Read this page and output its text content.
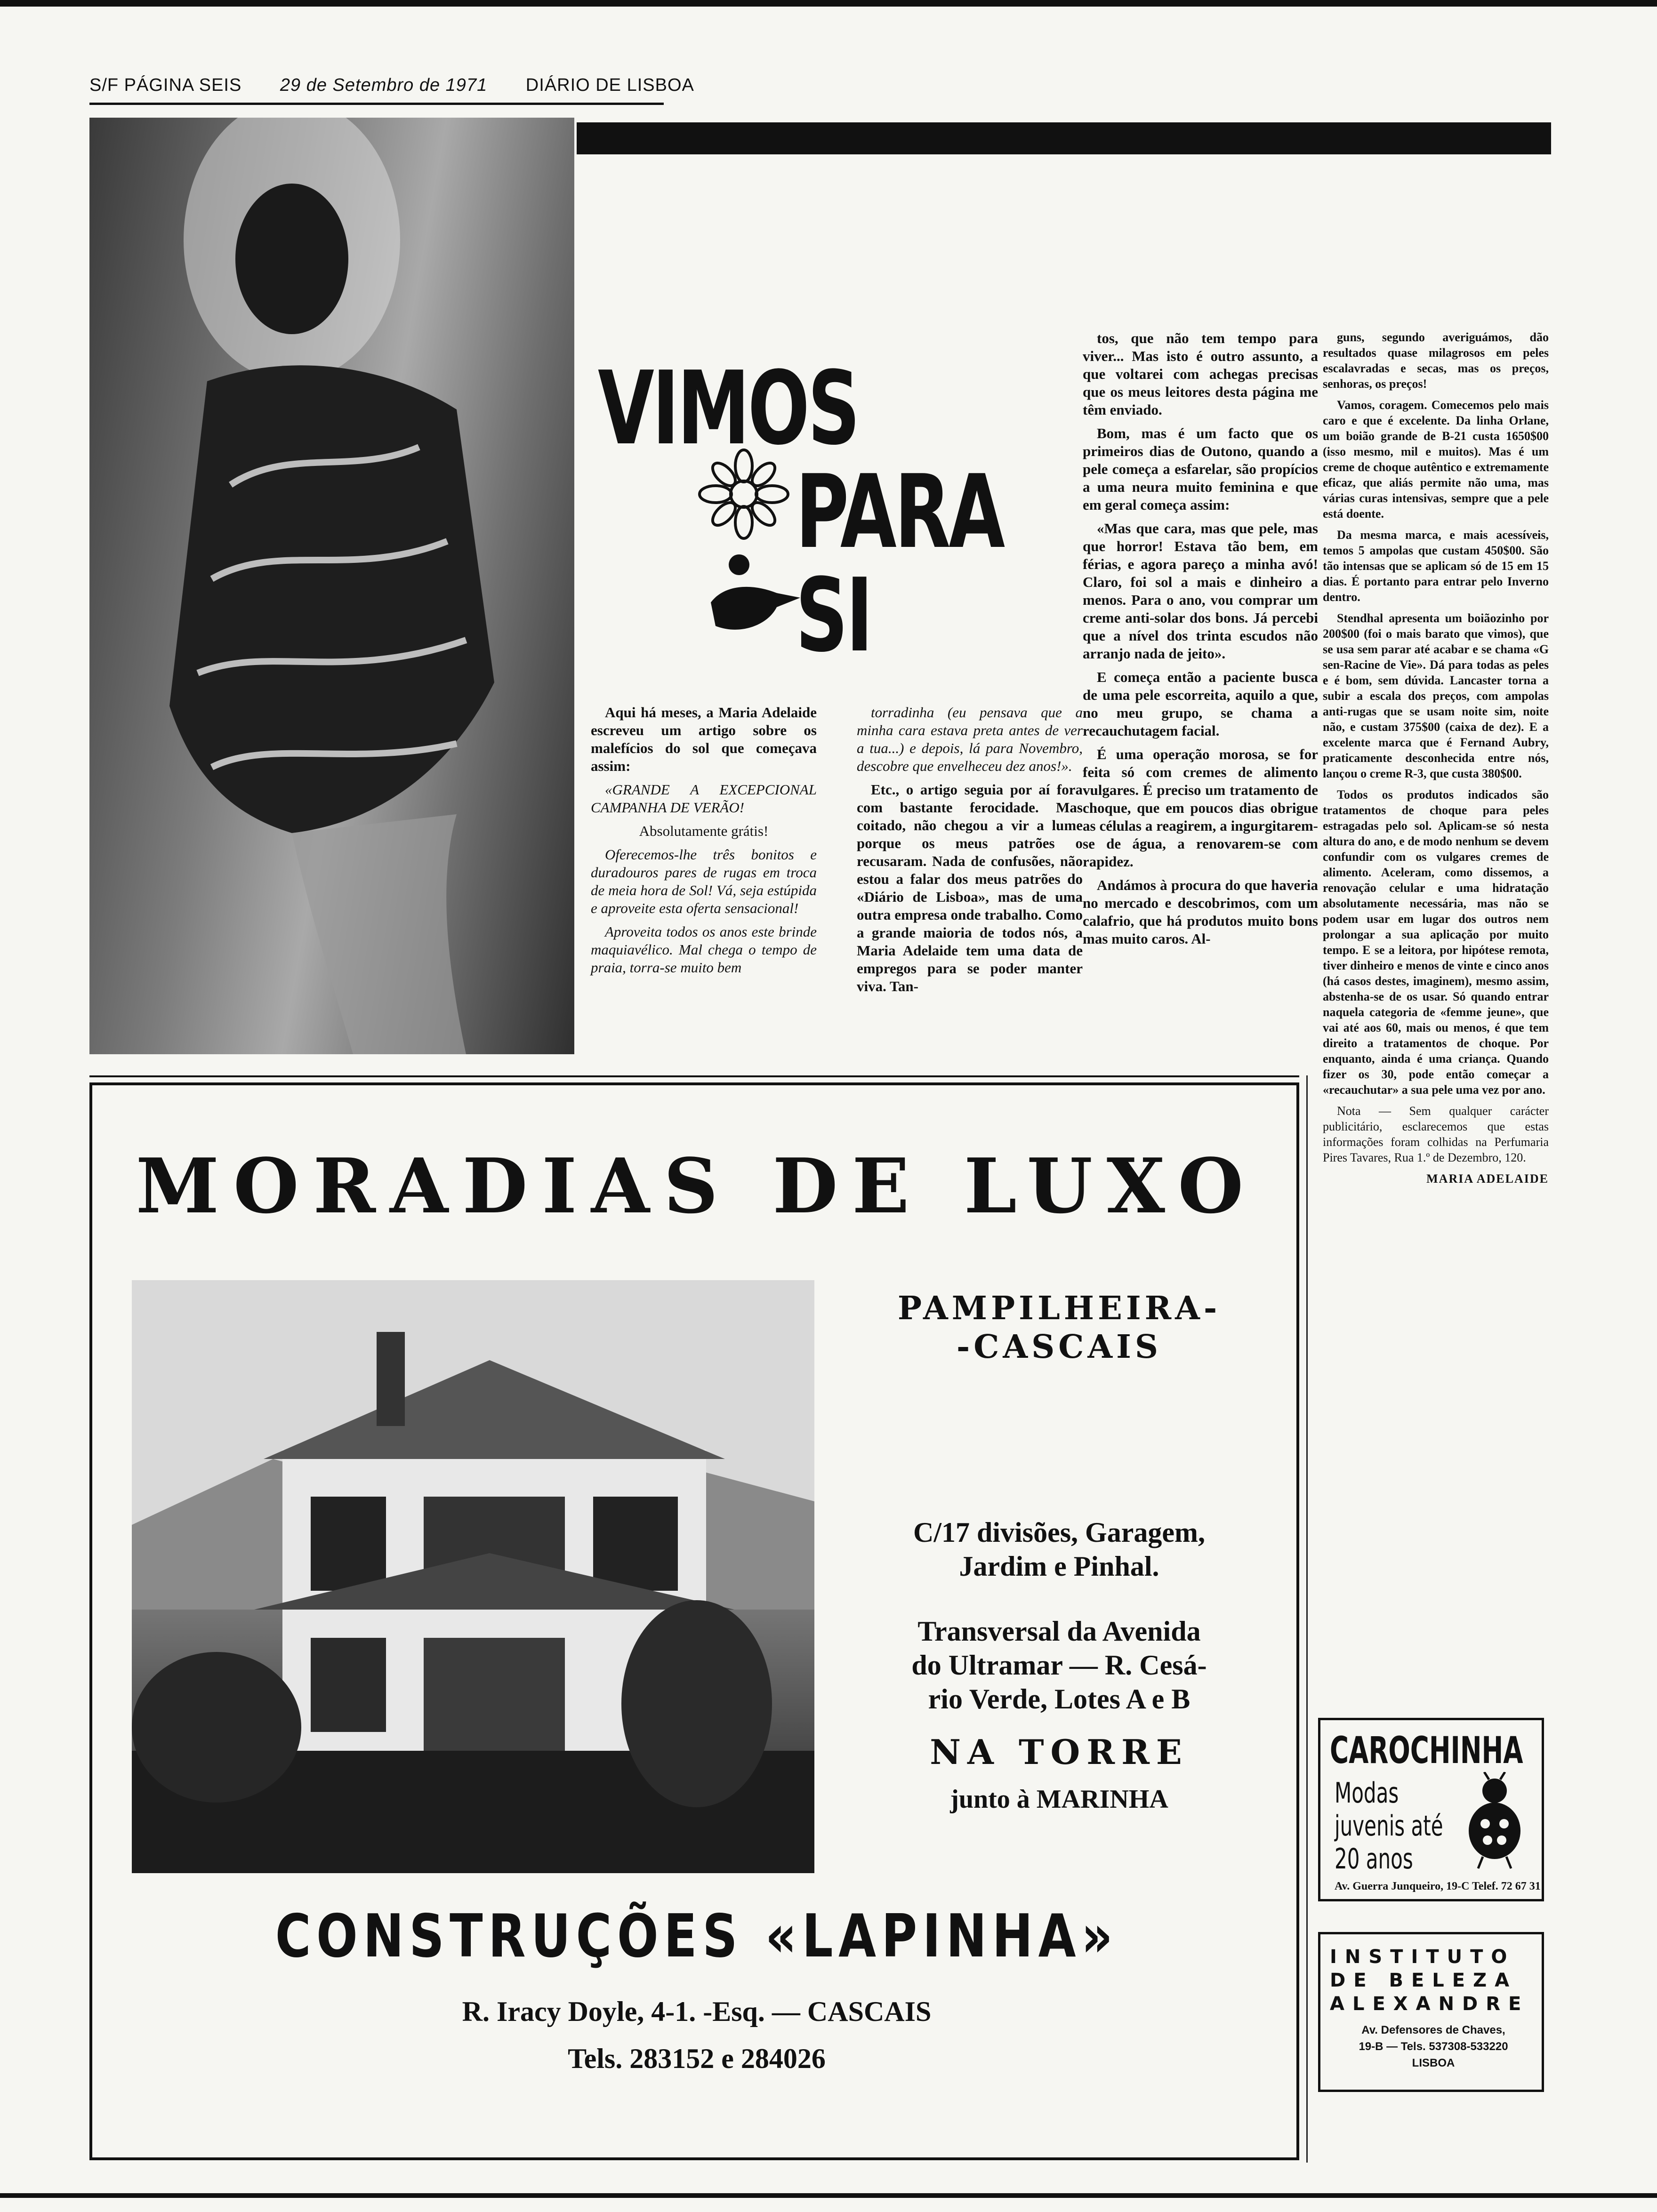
S/F PÁGINA SEIS 29 de Setembro de 1971 DIÁRIO DE LISBOA
VIMOS
PARA
SI

Aqui há meses, a Maria Adelaide escreveu um artigo sobre os malefícios do sol que começava assim:

«GRANDE A EXCEPCIONAL CAMPANHA DE VERÃO!

Absolutamente grátis!

Oferecemos-lhe três bonitos e duradouros pares de rugas em troca de meia hora de Sol! Vá, seja estúpida e aproveite esta oferta sensacional!

Aproveita todos os anos este brinde maquiavélico. Mal chega o tempo de praia, torra-se muito bem

torradinha (eu pensava que a minha cara estava preta antes de ver a tua...) e depois, lá para Novembro, descobre que envelheceu dez anos!».

Etc., o artigo seguia por aí fora com bastante ferocidade. Mas coitado, não chegou a vir a lume porque os meus patrões o recusaram. Nada de confusões, não estou a falar dos meus patrões do «Diário de Lisboa», mas de uma outra empresa onde trabalho. Como a grande maioria de todos nós, a Maria Adelaide tem uma data de empregos para se poder manter viva. Tan-

tos, que não tem tempo para viver... Mas isto é outro assunto, a que voltarei com achegas precisas que os meus leitores desta página me têm enviado.

Bom, mas é um facto que os primeiros dias de Outono, quando a pele começa a esfarelar, são propícios a uma neura muito feminina e que em geral começa assim:

«Mas que cara, mas que pele, mas que horror! Estava tão bem, em férias, e agora pareço a minha avó! Claro, foi sol a mais e dinheiro a menos. Para o ano, vou comprar um creme anti-solar dos bons. Já percebi que a nível dos trinta escudos não arranjo nada de jeito».

E começa então a paciente busca de uma pele escorreita, aquilo a que, no meu grupo, se chama a recauchutagem facial.

É uma operação morosa, se for feita só com cremes de alimento vulgares. É preciso um tratamento de choque, que em poucos dias obrigue as células a reagirem, a ingurgitarem-se de água, a renovarem-se com rapidez.

Andámos à procura do que haveria no mercado e descobrimos, com um calafrio, que há produtos muito bons mas muito caros. Al-

guns, segundo averiguámos, dão resultados quase milagrosos em peles escalavradas e secas, mas os preços, senhoras, os preços!

Vamos, coragem. Comecemos pelo mais caro e que é excelente. Da linha Orlane, um boião grande de B-21 custa 1650$00 (isso mesmo, mil e muitos). Mas é um creme de choque autêntico e extremamente eficaz, que aliás permite não uma, mas várias curas intensivas, sempre que a pele está doente.

Da mesma marca, e mais acessíveis, temos 5 ampolas que custam 450$00. São tão intensas que se aplicam só de 15 em 15 dias. É portanto para entrar pelo Inverno dentro.

Stendhal apresenta um boiãozinho por 200$00 (foi o mais barato que vimos), que se usa sem parar até acabar e se chama «G sen-Racine de Vie». Dá para todas as peles e é bom, sem dúvida. Lancaster torna a subir a escala dos preços, com ampolas anti-rugas que se usam noite sim, noite não, e custam 375$00 (caixa de dez). E a excelente marca que é Fernand Aubry, praticamente desconhecida entre nós, lançou o creme R-3, que custa 380$00.

Todos os produtos indicados são tratamentos de choque para peles estragadas pelo sol. Aplicam-se só nesta altura do ano, e de modo nenhum se devem confundir com os vulgares cremes de alimento. Aceleram, como dissemos, a renovação celular e uma hidratação absolutamente necessária, mas não se podem usar em lugar dos outros nem prolongar a sua aplicação por muito tempo. E se a leitora, por hipótese remota, tiver dinheiro e menos de vinte e cinco anos (há casos destes, imaginem), mesmo assim, abstenha-se de os usar. Só quando entrar naquela categoria de «femme jeune», que vai até aos 60, mais ou menos, é que tem direito a tratamentos de choque. Por enquanto, ainda é uma criança. Quando fizer os 30, pode então começar a «recauchutar» a sua pele uma vez por ano.

Nota — Sem qualquer carácter publicitário, esclarecemos que estas informações foram colhidas na Perfumaria Pires Tavares, Rua 1.º de Dezembro, 120.

MARIA ADELAIDE

MORADIAS DE LUXO
PAMPILHEIRA-
-CASCAIS
C/17 divisões, Garagem,
Jardim e Pinhal.
Transversal da Avenida
do Ultramar — R. Cesá-
rio Verde, Lotes A e B
NA TORRE
junto à MARINHA
CONSTRUÇÕES «LAPINHA»
R. Iracy Doyle, 4-1. -Esq. — CASCAIS
Tels. 283152 e 284026
CAROCHINHA
Modas
juvenis até
20 anos
Av. Guerra Junqueiro, 19-C Telef. 72 67 31
INSTITUTO
DE BELEZA
ALEXANDRE
Av. Defensores de Chaves,
19-B — Tels. 537308-533220
LISBOA
